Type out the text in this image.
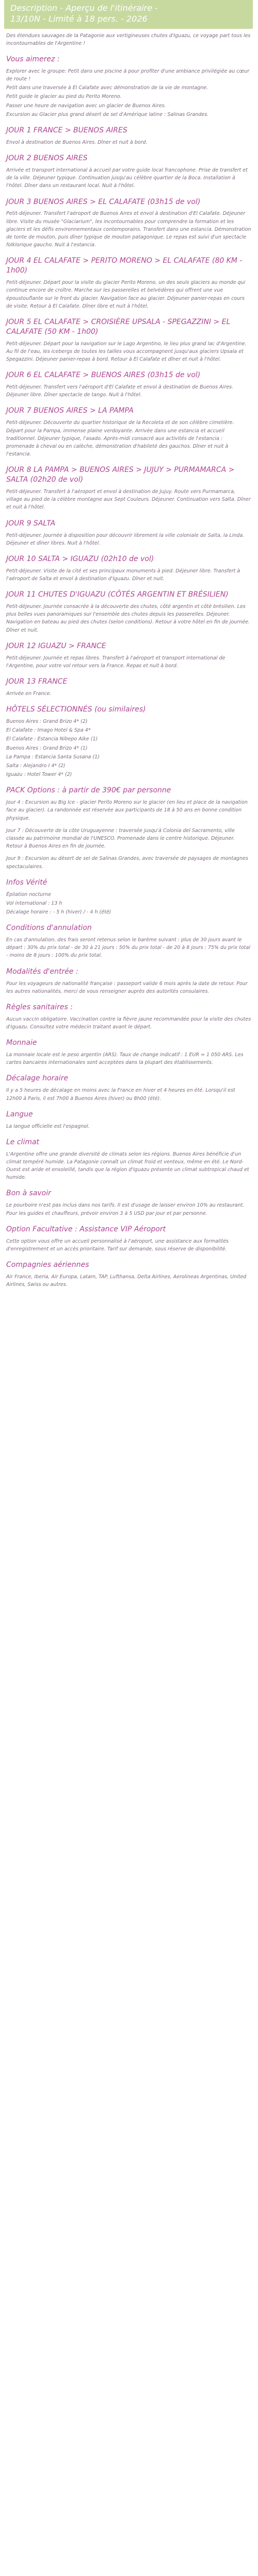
Description - Aperçu de l'itinéraire -
13/10N - Limité à 18 pers. - 2026

Des étendues sauvages de la Patagonie aux vertigineuses chutes d'Iguazu, ce voyage part tous les incontournables de l'Argentine !

Vous aimerez :
Explorer avec le groupe: Petit dans une piscine à pour profiter d'une ambiance privilégiée au cœur de route !
Petit dans une traversée à El Calafate avec démonstration de la vie de montagne.
Petit guide le glacier au pied du Perito Moreno.
Passer une heure de navigation avec un glacier de Buenos Aires.
Excursion au Glacier plus grand désert de sel d'Amérique latine : Salinas Grandes.
JOUR 1 FRANCE > BUENOS AIRES

Envol à destination de Buenos Aires. Dîner et nuit à bord.

JOUR 2 BUENOS AIRES

Arrivée et transport international à accueil par votre guide local francophone. Prise de transfert et de la ville. Déjeuner typique. Continuation jusqu'au célèbre quartier de la Boca. Installation à l'hôtel. Dîner dans un restaurant local. Nuit à l'hôtel.

JOUR 3 BUENOS AIRES > EL CALAFATE (03h15 de vol)

Petit-déjeuner. Transfert l'aéroport de Buenos Aires et envol à destination d'El Calafate. Déjeuner libre. Visite du musée "Glaciarium", les incontournables pour comprendre la formation et les glaciers et les défis environnementaux contemporains. Transfert dans une estancia. Démonstration de tonte de mouton, puis dîner typique de mouton patagonique. Le repas est suivi d'un spectacle folklorique gaucho. Nuit à l'estancia.

JOUR 4 EL CALAFATE > PERITO MORENO > EL CALAFATE (80 KM - 1h00)

Petit-déjeuner. Départ pour la visite du glacier Perito Moreno, un des seuls glaciers au monde qui continue encore de croître. Marche sur les passerelles et belvédères qui offrent une vue époustouflante sur le front du glacier. Navigation face au glacier. Déjeuner panier-repas en cours de visite. Retour à El Calafate. Dîner libre et nuit à l'hôtel.

JOUR 5 EL CALAFATE > CROISIÈRE UPSALA - SPEGAZZINI > EL CALAFATE (50 KM - 1h00)

Petit-déjeuner. Départ pour la navigation sur le Lago Argentino, le lieu plus grand lac d'Argentine. Au fil de l'eau, les icebergs de toutes les tailles vous accompagnent jusqu'aux glaciers Upsala et Spegazzini. Déjeuner panier-repas à bord. Retour à El Calafate et dîner et nuit à l'hôtel.

JOUR 6 EL CALAFATE > BUENOS AIRES (03h15 de vol)

Petit-déjeuner. Transfert vers l'aéroport d'El Calafate et envol à destination de Buenos Aires. Déjeuner libre. Dîner spectacle de tango. Nuit à l'hôtel.

JOUR 7 BUENOS AIRES > LA PAMPA

Petit-déjeuner. Découverte du quartier historique de la Recoleta et de son célèbre cimetière. Départ pour la Pampa, immense plaine verdoyante. Arrivée dans une estancia et accueil traditionnel. Déjeuner typique, l'asado. Après-midi consacré aux activités de l'estancia : promenade à cheval ou en calèche, démonstration d'habileté des gauchos. Dîner et nuit à l'estancia.

JOUR 8 LA PAMPA > BUENOS AIRES > JUJUY > PURMAMARCA > SALTA (02h20 de vol)

Petit-déjeuner. Transfert à l'aéroport et envol à destination de Jujuy. Route vers Purmamarca, village au pied de la célèbre montagne aux Sept Couleurs. Déjeuner. Continuation vers Salta. Dîner et nuit à l'hôtel.

JOUR 9 SALTA

Petit-déjeuner. Journée à disposition pour découvrir librement la ville coloniale de Salta, la Linda. Déjeuner et dîner libres. Nuit à l'hôtel.

JOUR 10 SALTA > IGUAZU (02h10 de vol)

Petit-déjeuner. Visite de la cité et ses principaux monuments à pied. Déjeuner libre. Transfert à l'aéroport de Salta et envol à destination d'Iguazu. Dîner et nuit.

JOUR 11 CHUTES D'IGUAZU (CÔTÉS ARGENTIN ET BRÉSILIEN)

Petit-déjeuner. Journée consacrée à la découverte des chutes, côté argentin et côté brésilien. Les plus belles vues panoramiques sur l'ensemble des chutes depuis les passerelles. Déjeuner. Navigation en bateau au pied des chutes (selon conditions). Retour à votre hôtel en fin de journée. Dîner et nuit.

JOUR 12 IGUAZU > FRANCE

Petit-déjeuner. Journée et repas libres. Transfert à l'aéroport et transport international de l'Argentine, pour votre vol retour vers la France. Repas et nuit à bord.

JOUR 13 FRANCE

Arrivée en France.

HÔTELS SÉLECTIONNÉS (ou similaires)
Buenos Aires : Grand Brizo 4* (2)
El Calafate : Imago Hotel & Spa 4*
El Calafate : Estancia Nibepo Aike (1)
Buenos Aires : Grand Brizo 4* (1)
La Pampa : Estancia Santa Susana (1)
Salta : Alejandro I 4* (2)
Iguazu : Hotel Tower 4* (2)
PACK Options : à partir de 390€ par personne

Jour 4 : Excursion au Big Ice - glacier Perito Moreno sur le glacier (en lieu et place de la navigation face au glacier). La randonnée est réservée aux participants de 18 à 50 ans en bonne condition physique.

Jour 7 : Découverte de la côte Uruguayenne : traversée jusqu'à Colonia del Sacramento, ville classée au patrimoine mondial de l'UNESCO. Promenade dans le centre historique. Déjeuner. Retour à Buenos Aires en fin de journée.

Jour 9 : Excursion au désert de sel de Salinas Grandes, avec traversée de paysages de montagnes spectaculaires.

Infos Vérité
Épilation nocturne
Vol international : 13 h
Décalage horaire : - 5 h (hiver) / - 4 h (été)
Conditions d'annulation

En cas d'annulation, des frais seront retenus selon le barème suivant : plus de 30 jours avant le départ : 30% du prix total - de 30 à 21 jours : 50% du prix total - de 20 à 8 jours : 75% du prix total - moins de 8 jours : 100% du prix total.

Modalités d'entrée :

Pour les voyageurs de nationalité française : passeport valide 6 mois après la date de retour. Pour les autres nationalités, merci de vous renseigner auprès des autorités consulaires.

Règles sanitaires :

Aucun vaccin obligatoire. Vaccination contre la fièvre jaune recommandée pour la visite des chutes d'Iguazu. Consultez votre médecin traitant avant le départ.

Monnaie

La monnaie locale est le peso argentin (ARS). Taux de change indicatif : 1 EUR ≈ 1 050 ARS. Les cartes bancaires internationales sont acceptées dans la plupart des établissements.

Décalage horaire

Il y a 5 heures de décalage en moins avec la France en hiver et 4 heures en été. Lorsqu'il est 12h00 à Paris, il est 7h00 à Buenos Aires (hiver) ou 8h00 (été).

Langue

La langue officielle est l'espagnol.

Le climat

L'Argentine offre une grande diversité de climats selon les régions. Buenos Aires bénéficie d'un climat tempéré humide. La Patagonie connaît un climat froid et venteux, même en été. Le Nord-Ouest est aride et ensoleillé, tandis que la région d'Iguazu présente un climat subtropical chaud et humide.

Bon à savoir

Le pourboire n'est pas inclus dans nos tarifs. Il est d'usage de laisser environ 10% au restaurant. Pour les guides et chauffeurs, prévoir environ 3 à 5 USD par jour et par personne.

Option Facultative : Assistance VIP Aéroport

Cette option vous offre un accueil personnalisé à l'aéroport, une assistance aux formalités d'enregistrement et un accès prioritaire. Tarif sur demande, sous réserve de disponibilité.

Compagnies aériennes

Air France, Iberia, Air Europa, Latam, TAP, Lufthansa, Delta Airlines, Aerolineas Argentinas, United Airlines, Swiss ou autres.
